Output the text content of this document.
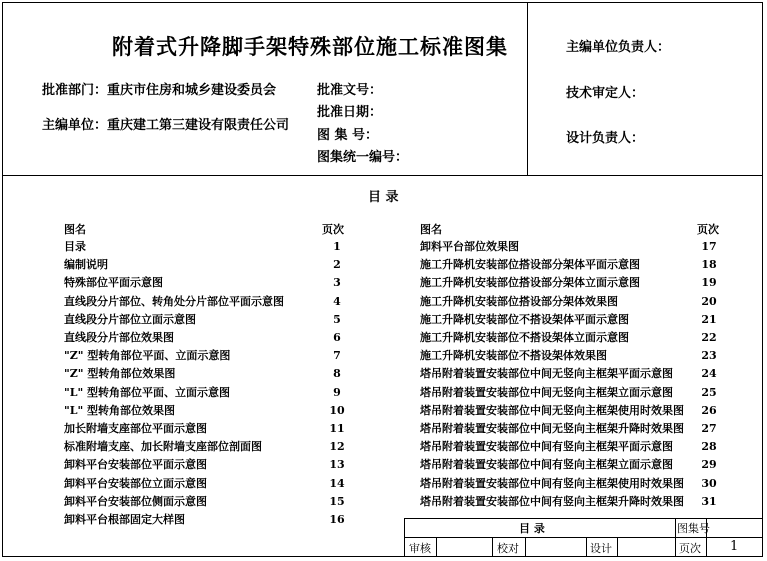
附着式升降脚手架特殊部位施工标准图集
批准部门：重庆市住房和城乡建设委员会
主编单位：重庆建工第三建设有限责任公司
批准文号：
批准日期：
图 集 号：
图集统一编号：
主编单位负责人：
技术审定人：
设计负责人：
目 录
图名	页次	图名	页次
目录	1
编制说明	2
特殊部位平面示意图	3
直线段分片部位、转角处分片部位平面示意图	4
直线段分片部位立面示意图	5
直线段分片部位效果图	6
"Z" 型转角部位平面、立面示意图	7
"Z" 型转角部位效果图	8
"L" 型转角部位平面、立面示意图	9
"L" 型转角部位效果图	10
加长附墙支座部位平面示意图	11
标准附墙支座、加长附墙支座部位剖面图	12
卸料平台安装部位平面示意图	13
卸料平台安装部位立面示意图	14
卸料平台安装部位侧面示意图	15
卸料平台根部固定大样图	16
卸料平台部位效果图	17
施工升降机安装部位搭设部分架体平面示意图	18
施工升降机安装部位搭设部分架体立面示意图	19
施工升降机安装部位搭设部分架体效果图	20
施工升降机安装部位不搭设架体平面示意图	21
施工升降机安装部位不搭设架体立面示意图	22
施工升降机安装部位不搭设架体效果图	23
塔吊附着装置安装部位中间无竖向主框架平面示意图	24
塔吊附着装置安装部位中间无竖向主框架立面示意图	25
塔吊附着装置安装部位中间无竖向主框架使用时效果图	26
塔吊附着装置安装部位中间无竖向主框架升降时效果图	27
塔吊附着装置安装部位中间有竖向主框架平面示意图	28
塔吊附着装置安装部位中间有竖向主框架立面示意图	29
塔吊附着装置安装部位中间有竖向主框架使用时效果图	30
塔吊附着装置安装部位中间有竖向主框架升降时效果图	31
目 录	图集号
审核	校对	设计	页次 1
